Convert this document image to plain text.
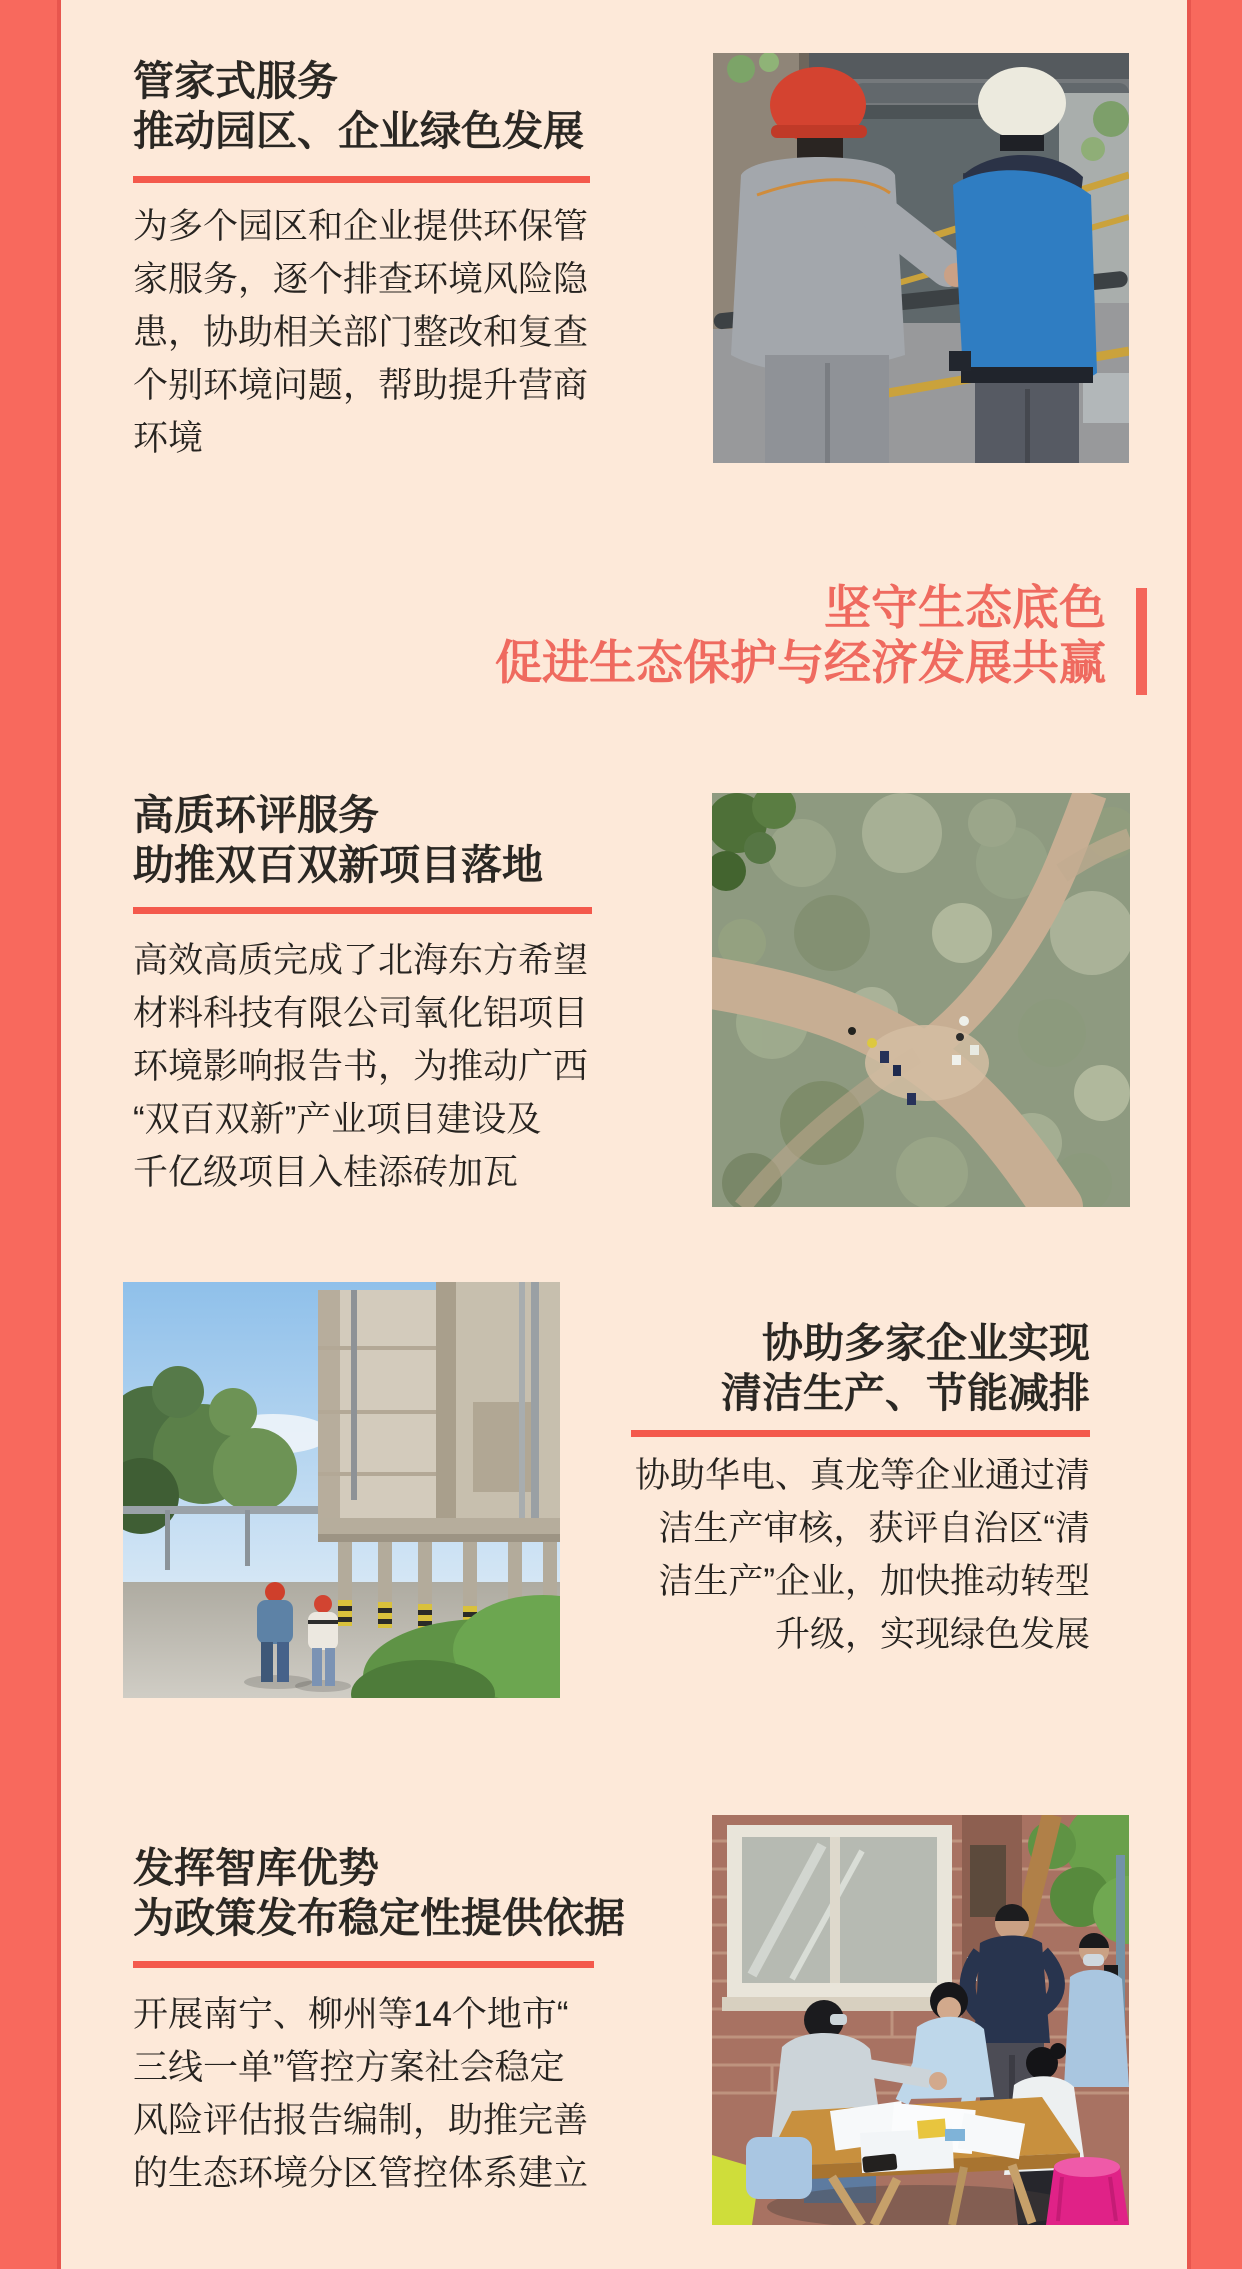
管家式服务
推动园区、企业绿色发展
为多个园区和企业提供环保管
家服务，逐个排查环境风险隐
患，协助相关部门整改和复查
个别环境问题，帮助提升营商
环境
坚守生态底色
促进生态保护与经济发展共赢
高质环评服务
助推双百双新项目落地
高效高质完成了北海东方希望
材料科技有限公司氧化铝项目
环境影响报告书，为推动广西
“双百双新”产业项目建设及
千亿级项目入桂添砖加瓦
协助多家企业实现
清洁生产、节能减排
协助华电、真龙等企业通过清
洁生产审核，获评自治区“清
洁生产”企业，加快推动转型
升级，实现绿色发展
发挥智库优势
为政策发布稳定性提供依据
开展南宁、柳州等14个地市“
三线一单”管控方案社会稳定
风险评估报告编制，助推完善
的生态环境分区管控体系建立
